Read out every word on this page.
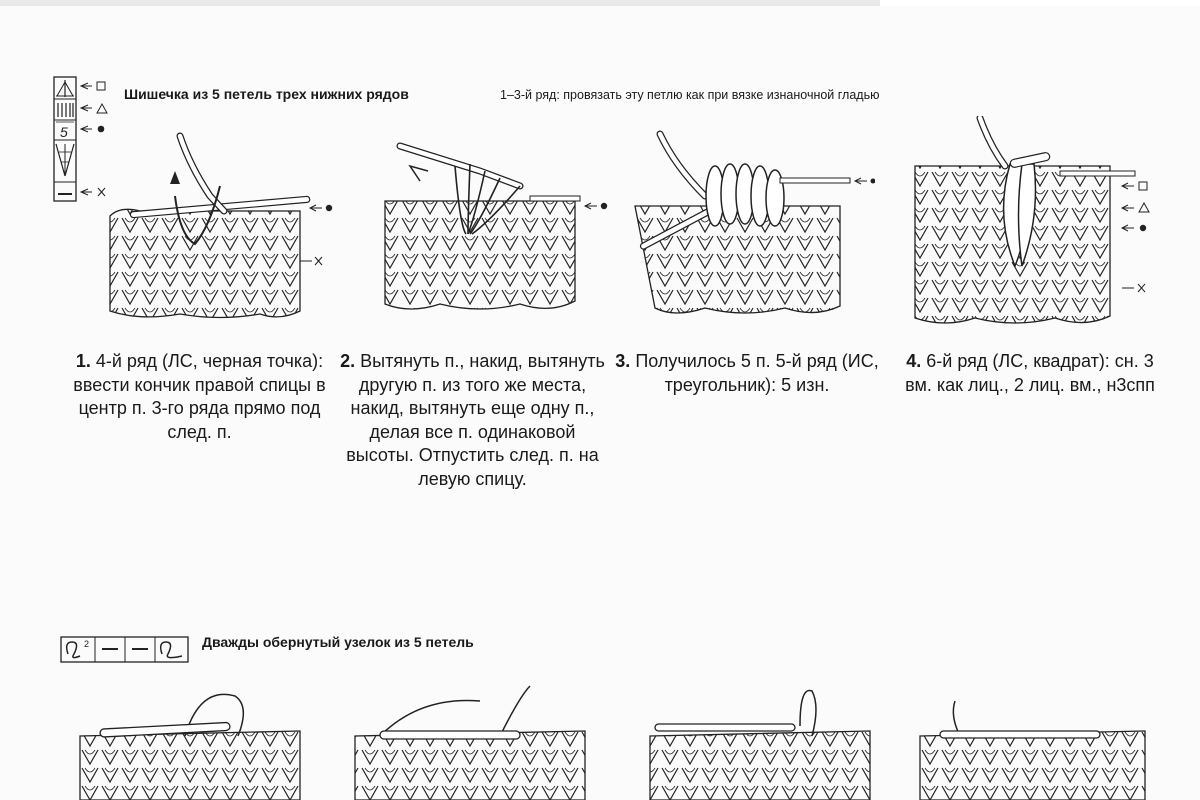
5
Шишечка из 5 петель трех нижних рядов	1–3-й ряд: провязать эту петлю как при вязке изнаночной гладью
1. 4-й ряд (ЛС, черная точка): ввести кончик правой спицы в центр п. 3-го ряда прямо под след. п.
2. Вытянуть п., накид, вытянуть другую п. из того же места, накид, вытянуть еще одну п., делая все п. одинаковой высоты. Отпустить след. п. на левую спицу.
3. Получилось 5 п. 5-й ряд (ИС, треугольник): 5 изн.
4. 6-й ряд (ЛС, квадрат): сн. 3 вм. как лиц., 2 лиц. вм., н3спп
2	Дважды обернутый узелок из 5 петель
